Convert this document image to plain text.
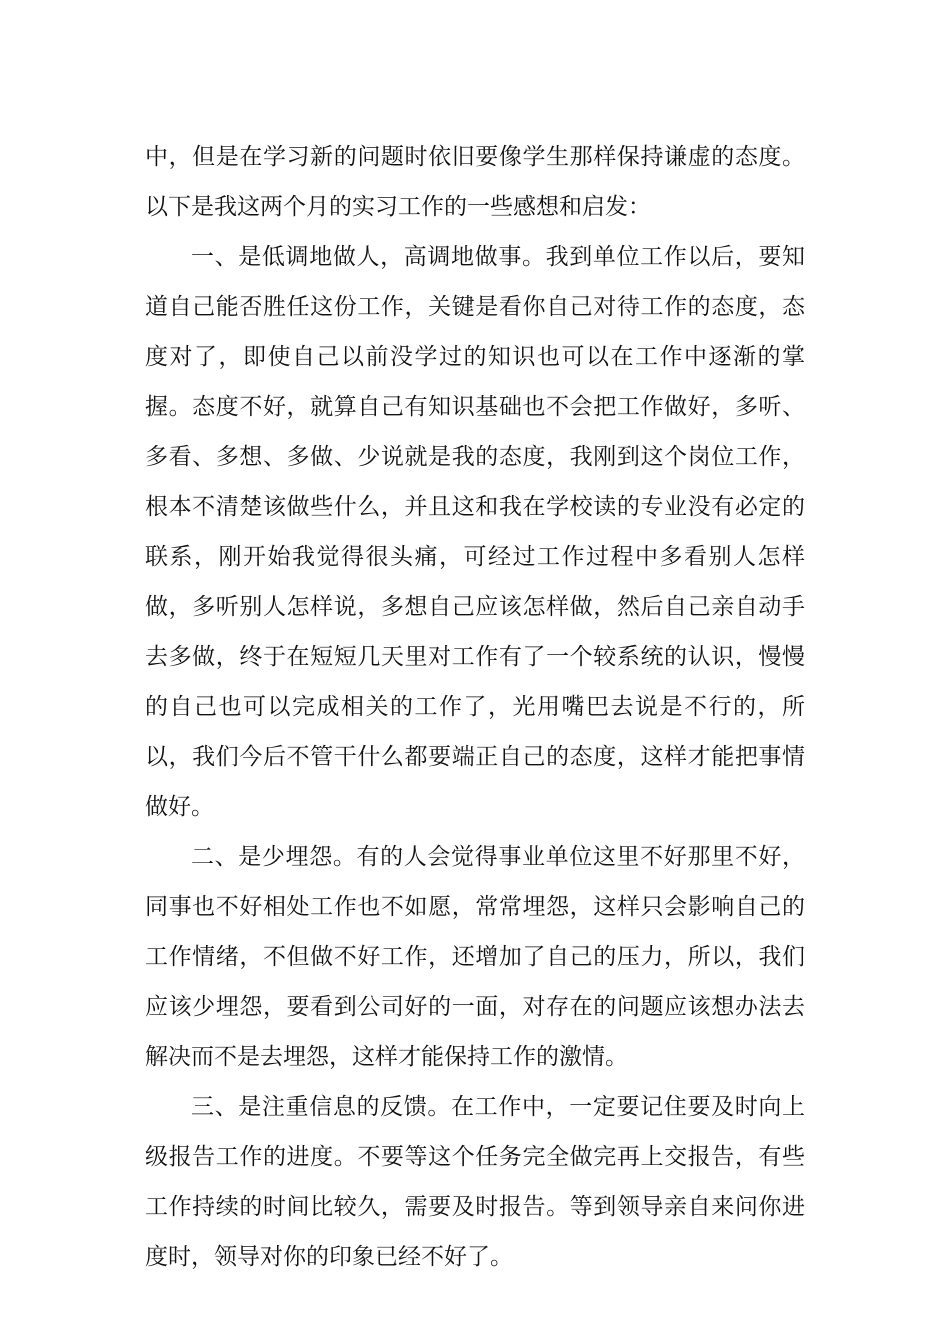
中，但是在学习新的问题时依旧要像学生那样保持谦虚的态度。以下是我这两个月的实习工作的一些感想和启发：

一、是低调地做人，高调地做事。我到单位工作以后，要知道自己能否胜任这份工作，关键是看你自己对待工作的态度，态度对了，即使自己以前没学过的知识也可以在工作中逐渐的掌握。态度不好，就算自己有知识基础也不会把工作做好，多听、多看、多想、多做、少说就是我的态度，我刚到这个岗位工作，根本不清楚该做些什么，并且这和我在学校读的专业没有必定的联系，刚开始我觉得很头痛，可经过工作过程中多看别人怎样做，多听别人怎样说，多想自己应该怎样做，然后自己亲自动手去多做，终于在短短几天里对工作有了一个较系统的认识，慢慢的自己也可以完成相关的工作了，光用嘴巴去说是不行的，所以，我们今后不管干什么都要端正自己的态度，这样才能把事情做好。

二、是少埋怨。有的人会觉得事业单位这里不好那里不好，同事也不好相处工作也不如愿，常常埋怨，这样只会影响自己的工作情绪，不但做不好工作，还增加了自己的压力，所以，我们应该少埋怨，要看到公司好的一面，对存在的问题应该想办法去解决而不是去埋怨，这样才能保持工作的激情。

三、是注重信息的反馈。在工作中，一定要记住要及时向上级报告工作的进度。不要等这个任务完全做完再上交报告，有些工作持续的时间比较久，需要及时报告。等到领导亲自来问你进度时，领导对你的印象已经不好了。
